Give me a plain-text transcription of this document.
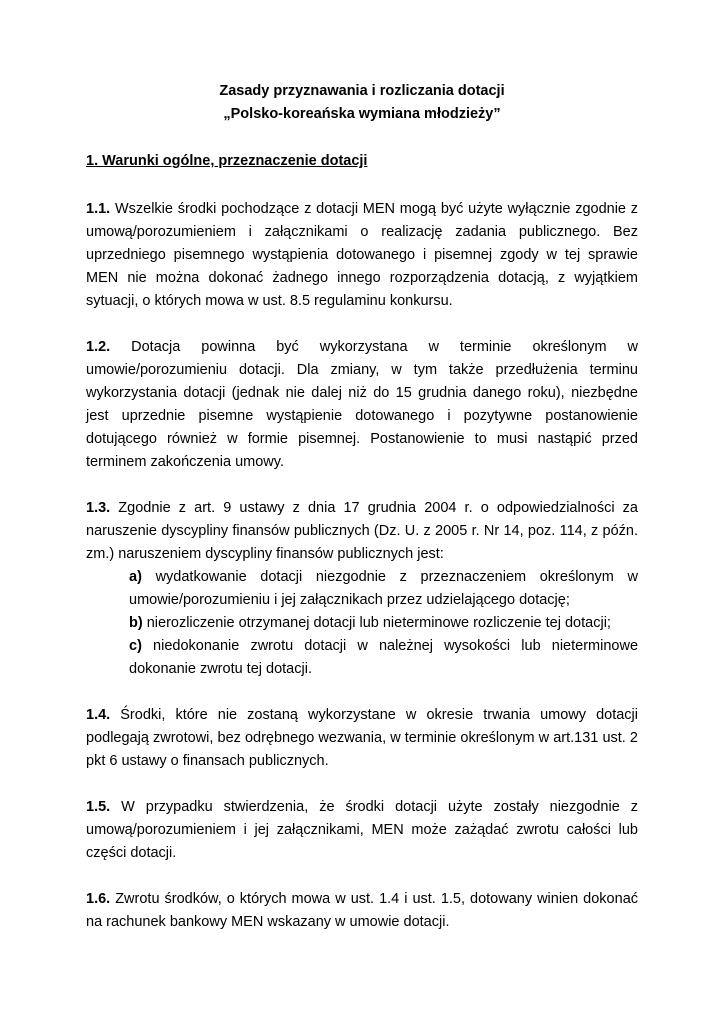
Zasady przyznawania i rozliczania dotacji

„Polsko-koreańska wymiana młodzieży”

1. Warunki ogólne, przeznaczenie dotacji

1.1. Wszelkie środki pochodzące z dotacji MEN mogą być użyte wyłącznie zgodnie z umową/porozumieniem i załącznikami o realizację zadania publicznego. Bez uprzedniego pisemnego wystąpienia dotowanego i pisemnej zgody w tej sprawie MEN nie można dokonać żadnego innego rozporządzenia dotacją, z wyjątkiem sytuacji, o których mowa w ust. 8.5 regulaminu konkursu.

1.2. Dotacja powinna być wykorzystana w terminie określonym w umowie/porozumieniu dotacji. Dla zmiany, w tym także przedłużenia terminu wykorzystania dotacji (jednak nie dalej niż do 15 grudnia danego roku), niezbędne jest uprzednie pisemne wystąpienie dotowanego i pozytywne postanowienie dotującego również w formie pisemnej. Postanowienie to musi nastąpić przed terminem zakończenia umowy.

1.3. Zgodnie z art. 9 ustawy z dnia 17 grudnia 2004 r. o odpowiedzialności za naruszenie dyscypliny finansów publicznych (Dz. U. z 2005 r. Nr 14, poz. 114, z późn. zm.) naruszeniem dyscypliny finansów publicznych jest:

a) wydatkowanie dotacji niezgodnie z przeznaczeniem określonym w umowie/porozumieniu i jej załącznikach przez udzielającego dotację;

b) nierozliczenie otrzymanej dotacji lub nieterminowe rozliczenie tej dotacji;

c) niedokonanie zwrotu dotacji w należnej wysokości lub nieterminowe dokonanie zwrotu tej dotacji.

1.4. Środki, które nie zostaną wykorzystane w okresie trwania umowy dotacji podlegają zwrotowi, bez odrębnego wezwania, w terminie określonym w art.131 ust. 2 pkt 6 ustawy o finansach publicznych.

1.5. W przypadku stwierdzenia, że środki dotacji użyte zostały niezgodnie z umową/porozumieniem i jej załącznikami, MEN może zażądać zwrotu całości lub części dotacji.

1.6. Zwrotu środków, o których mowa w ust. 1.4 i ust. 1.5, dotowany winien dokonać na rachunek bankowy MEN wskazany w umowie dotacji.
